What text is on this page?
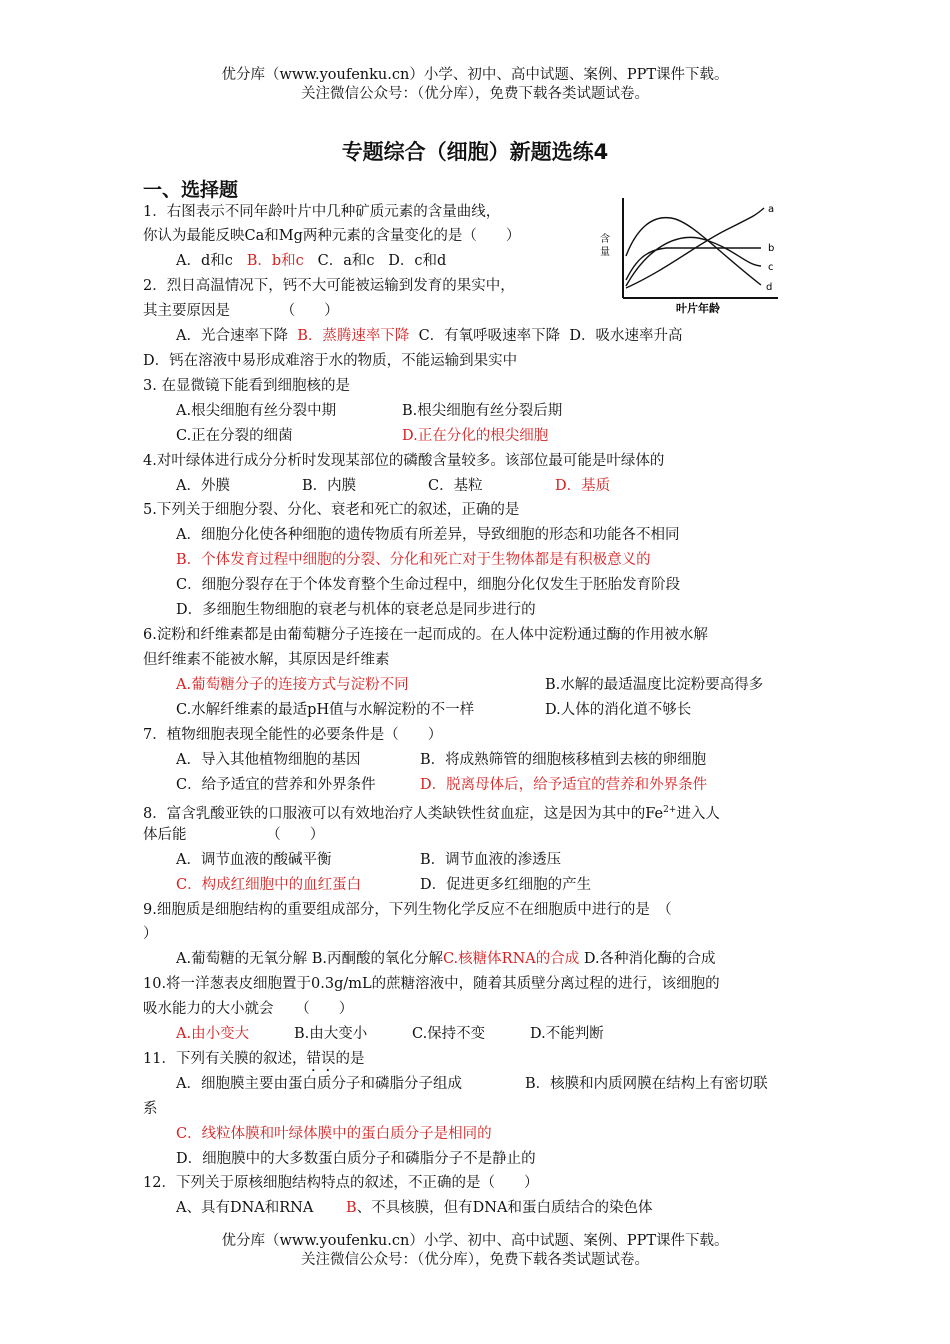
优分库（www.youfenku.cn）小学、初中、高中试题、案例、PPT课件下载。
关注微信公众号：（优分库），免费下载各类试题试卷。
专题综合（细胞）新题选练4
一、选择题
含
量
a
b
c
d
叶片年龄
1．右图表示不同年龄叶片中几种矿质元素的含量曲线，
你认为最能反映Ca和Mg两种元素的含量变化的是（　　）
A．d和c B．b和c C．a和c D．c和d
2．烈日高温情况下，钙不大可能被运输到发育的果实中，
其主要原因是　　　　（　　）
A．光合速率下降 B．蒸腾速率下降 C．有氧呼吸速率下降 D．吸水速率升高
D．钙在溶液中易形成难溶于水的物质，不能运输到果实中
3. 在显微镜下能看到细胞核的是
A.根尖细胞有丝分裂中期	B.根尖细胞有丝分裂后期
C.正在分裂的细菌	D.正在分化的根尖细胞
4.对叶绿体进行成分分析时发现某部位的磷酸含量较多。该部位最可能是叶绿体的
A．外膜	B．内膜	C．基粒	D．基质
5.下列关于细胞分裂、分化、衰老和死亡的叙述，正确的是
A．细胞分化使各种细胞的遗传物质有所差异，导致细胞的形态和功能各不相同
B．个体发育过程中细胞的分裂、分化和死亡对于生物体都是有积极意义的
C．细胞分裂存在于个体发育整个生命过程中，细胞分化仅发生于胚胎发育阶段
D．多细胞生物细胞的衰老与机体的衰老总是同步进行的
6.淀粉和纤维素都是由葡萄糖分子连接在一起而成的。在人体中淀粉通过酶的作用被水解
但纤维素不能被水解，其原因是纤维素
A.葡萄糖分子的连接方式与淀粉不同	B.水解的最适温度比淀粉要高得多
C.水解纤维素的最适pH值与水解淀粉的不一样	D.人体的消化道不够长
7．植物细胞表现全能性的必要条件是（　　）
A．导入其他植物细胞的基因	B．将成熟筛管的细胞核移植到去核的卵细胞
C．给予适宜的营养和外界条件	D．脱离母体后，给予适宜的营养和外界条件
8．富含乳酸亚铁的口服液可以有效地治疗人类缺铁性贫血症，这是因为其中的$Fe^{2+}$进入人
体后能　　　　　　（　　）
A．调节血液的酸碱平衡	B．调节血液的渗透压
C．构成红细胞中的血红蛋白	D．促进更多红细胞的产生
9.细胞质是细胞结构的重要组成部分，下列生物化学反应不在细胞质中进行的是　（
）
A.葡萄糖的无氧分解 B.丙酮酸的氧化分解C.核糖体RNA的合成 D.各种消化酶的合成
10.将一洋葱表皮细胞置于0.3g/mL的蔗糖溶液中，随着其质壁分离过程的进行，该细胞的
吸水能力的大小就会　　（　　）
A.由小变大	B.由大变小	C.保持不变	D.不能判断
11．下列有关膜的叙述，错误的是
A．细胞膜主要由蛋白质分子和磷脂分子组成	B．核膜和内质网膜在结构上有密切联
系
C．线粒体膜和叶绿体膜中的蛋白质分子是相同的
D．细胞膜中的大多数蛋白质分子和磷脂分子不是静止的
12．下列关于原核细胞结构特点的叙述，不正确的是（　　）
A、具有DNA和RNA B、不具核膜，但有DNA和蛋白质结合的染色体
优分库（www.youfenku.cn）小学、初中、高中试题、案例、PPT课件下载。
关注微信公众号：（优分库），免费下载各类试题试卷。
